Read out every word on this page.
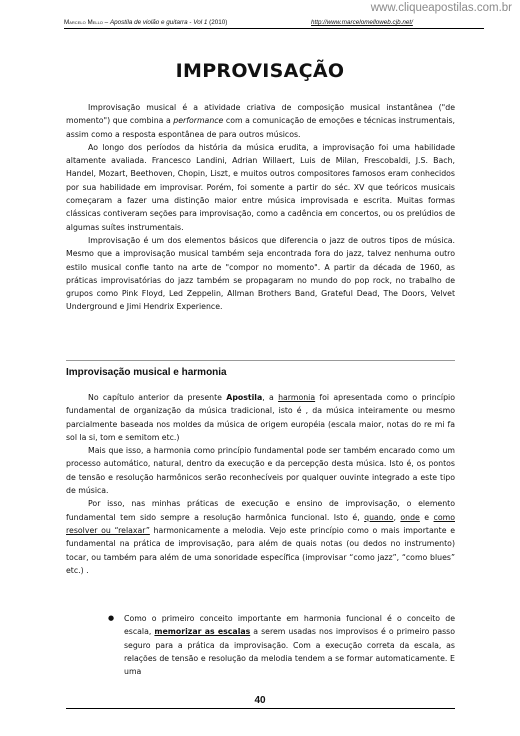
www.cliqueapostilas.com.br
Marcelo Mello – Apostila de violão e guitarra - Vol 1 (2010)	http://www.marcelomelloweb.cjb.net/
IMPROVISAÇÃO

Improvisação musical é a atividade criativa de composição musical instantânea ("de momento") que combina a performance com a comunicação de emoções e técnicas instrumentais, assim como a resposta espontânea de para outros músicos.

Ao longo dos períodos da história da música erudita, a improvisação foi uma habilidade altamente avaliada. Francesco Landini, Adrian Willaert, Luis de Milan, Frescobaldi, J.S. Bach, Handel, Mozart, Beethoven, Chopin, Liszt, e muitos outros compositores famosos eram conhecidos por sua habilidade em improvisar. Porém, foi somente a partir do séc. XV que teóricos musicais começaram a fazer uma distinção maior entre música improvisada e escrita. Muitas formas clássicas contiveram seções para improvisação, como a cadência em concertos, ou os prelúdios de algumas suítes instrumentais.

Improvisação é um dos elementos básicos que diferencia o jazz de outros tipos de música. Mesmo que a improvisação musical também seja encontrada fora do jazz, talvez nenhuma outro estilo musical confie tanto na arte de "compor no momento". A partir da década de 1960, as práticas improvisatórias do jazz também se propagaram no mundo do pop rock, no trabalho de grupos como Pink Floyd, Led Zeppelin, Allman Brothers Band, Grateful Dead, The Doors, Velvet Underground e Jimi Hendrix Experience.

Improvisação musical e harmonia

No capítulo anterior da presente Apostila, a harmonia foi apresentada como o princípio fundamental de organização da música tradicional, isto é , da música inteiramente ou mesmo parcialmente baseada nos moldes da música de origem européia (escala maior, notas do re mi fa sol la si, tom e semitom etc.)

Mais que isso, a harmonia como princípio fundamental pode ser também encarado como um processo automático, natural, dentro da execução e da percepção desta música. Isto é, os pontos de tensão e resolução harmônicos serão reconhecíveis por qualquer ouvinte integrado a este tipo de música.

Por isso, nas minhas práticas de execução e ensino de improvisação, o elemento fundamental tem sido sempre a resolução harmônica funcional. Isto é, quando, onde e como resolver ou “relaxar” harmonicamente a melodia. Vejo este princípio como o mais importante e fundamental na prática de improvisação, para além de quais notas (ou dedos no instrumento) tocar, ou também para além de uma sonoridade específica (improvisar “como jazz”, “como blues” etc.) .

● Como o primeiro conceito importante em harmonia funcional é o conceito de escala, memorizar as escalas a serem usadas nos improvisos é o primeiro passo seguro para a prática da improvisação. Com a execução correta da escala, as relações de tensão e resolução da melodia tendem a se formar automaticamente. E uma
40
